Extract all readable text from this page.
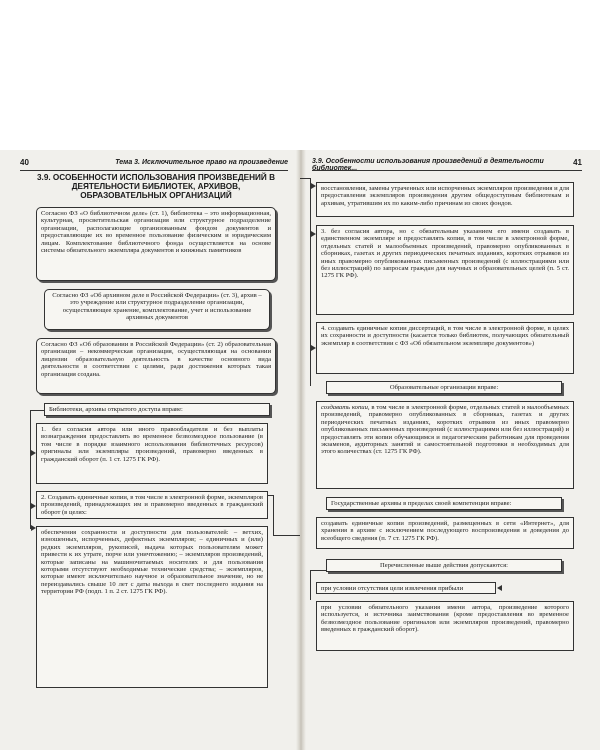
40	Тема 3. Исключительное право на произведение
3.9. ОСОБЕННОСТИ ИСПОЛЬЗОВАНИЯ ПРОИЗВЕДЕНИЙ В ДЕЯТЕЛЬНОСТИ БИБЛИОТЕК, АРХИВОВ, ОБРАЗОВАТЕЛЬНЫХ ОРГАНИЗАЦИЙ
Согласно ФЗ «О библиотечном деле» (ст. 1), библиотека – это информационная, культурная, просветительская организация или структурное подразделение организации, располагающие организованным фондом документов и предоставляющие их во временное пользование физическим и юридическим лицам. Комплектование библиотечного фонда осуществляется на основе системы обязательного экземпляра документов и книжных памятников
Согласно ФЗ «Об архивном деле в Российской Федерации» (ст. 3), архив – это учреждение или структурное подразделение организации, осуществляющее хранение, комплектование, учет и использование архивных документов
Согласно ФЗ «Об образовании в Российской Федерации» (ст. 2) образовательная организация – некоммерческая организация, осуществляющая на основании лицензии образовательную деятельность в качестве основного вида деятельности в соответствии с целями, ради достижения которых такая организация создана.
Библиотеки, архивы открытого доступа вправе:
1. без согласия автора или иного правообладателя и без выплаты вознаграждения предоставлять во временное безвозмездное пользование (в том числе в порядке взаимного использования библиотечных ресурсов) оригиналы или экземпляры произведений, правомерно введенных в гражданский оборот (п. 1 ст. 1275 ГК РФ).
2. Создавать единичные копии, в том числе в электронной форме, экземпляров произведений, принадлежащих им и правомерно введенных в гражданский оборот (в целях:
обеспечения сохранности и доступности для пользователей: – ветхих, изношенных, испорченных, дефектных экземпляров; – единичных и (или) редких экземпляров, рукописей, выдача которых пользователям может привести к их утрате, порче или уничтожению; – экземпляров произведений, которые записаны на машиночитаемых носителях и для пользования которыми отсутствуют необходимые технические средства; – экземпляров, которые имеют исключительно научное и образовательное значение, но не переиздавались свыше 10 лет с даты выхода в свет последнего издания на территории РФ (подп. 1 п. 2 ст. 1275 ГК РФ).
3.9. Особенности использования произведений в деятельности библиотек...
41
восстановления, замены утраченных или испорченных экземпляров произведения и для предоставления экземпляров произведения другим общедоступным библиотекам и архивам, утратившим их по каким-либо причинам из своих фондов.
3. без согласия автора, но с обязательным указанием его имени создавать в единственном экземпляре и предоставлять копии, в том числе в электронной форме, отдельных статей и малообъемных произведений, правомерно опубликованных в сборниках, газетах и других периодических печатных изданиях, коротких отрывков из иных правомерно опубликованных письменных произведений (с иллюстрациями или без иллюстраций) по запросам граждан для научных и образовательных целей (п. 5 ст. 1275 ГК РФ).
4. создавать единичные копии диссертаций, в том числе в электронной форме, в целях их сохранности и доступности (касается только библиотек, получающих обязательный экземпляр в соответствии с ФЗ «Об обязательном экземпляре документов»)
Образовательные организации вправе:
создавать копии, в том числе в электронной форме, отдельных статей и малообъемных произведений, правомерно опубликованных в сборниках, газетах и других периодических печатных изданиях, коротких отрывков из иных правомерно опубликованных письменных произведений (с иллюстрациями или без иллюстраций) и предоставлять эти копии обучающимся и педагогическим работникам для проведения экзаменов, аудиторных занятий и самостоятельной подготовки в необходимых для этого количествах (ст. 1275 ГК РФ).
Государственные архивы в пределах своей компетенции вправе:
создавать единичные копии произведений, размещенных в сети «Интернет», для хранения в архиве с исключением последующего воспроизведения и доведения до всеобщего сведения (п. 7 ст. 1275 ГК РФ).
Перечисленные выше действия допускаются:
при условии отсутствия цели извлечения прибыли
при условии обязательного указания имени автора, произведение которого используется, и источника заимствования (кроме предоставления во временное безвозмездное пользование оригиналов или экземпляров произведений, правомерно введенных в гражданский оборот).
